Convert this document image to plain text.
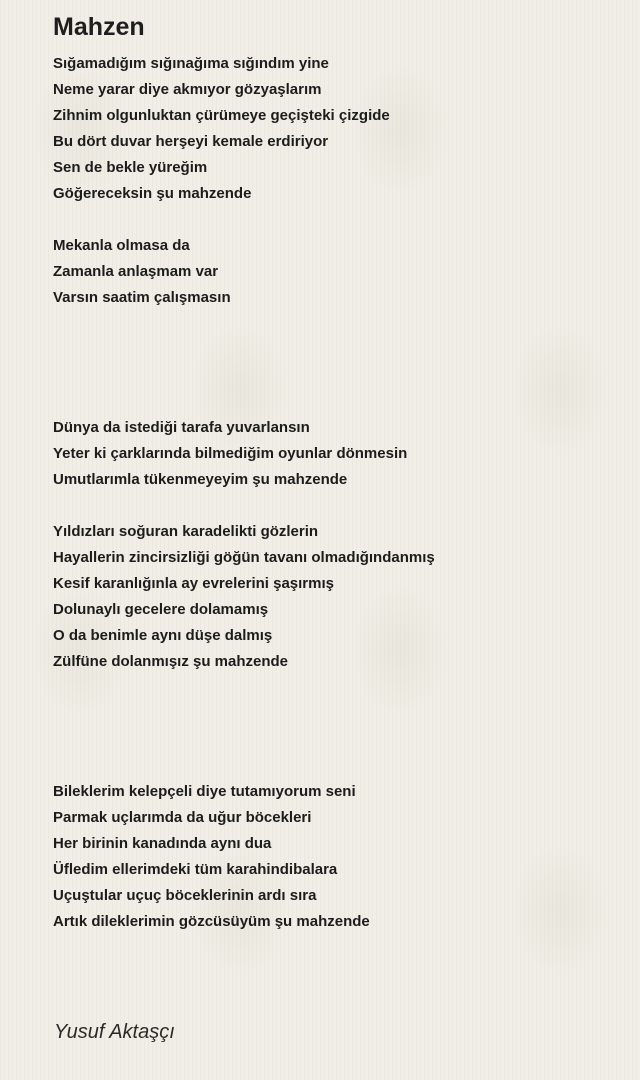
Mahzen
Sığamadığım sığınağıma sığındım yine
Neme yarar diye akmıyor gözyaşlarım
Zihnim olgunluktan çürümeye geçişteki çizgide
Bu dört duvar herşeyi kemale erdiriyor
Sen de bekle yüreğim
Göğereceksin şu mahzende
Mekanla olmasa da
Zamanla anlaşmam var
Varsın saatim çalışmasın
Dünya da istediği tarafa yuvarlansın
Yeter ki çarklarında bilmediğim oyunlar dönmesin
Umutlarımla tükenmeyeyim şu mahzende
Yıldızları soğuran karadelikti gözlerin
Hayallerin zincirsizliği göğün tavanı olmadığındanmış
Kesif karanlığınla ay evrelerini şaşırmış
Dolunaylı gecelere dolamamış
O da benimle aynı düşe dalmış
Zülfüne dolanmışız şu mahzende
Bileklerim kelepçeli diye tutamıyorum seni
Parmak uçlarımda da uğur böcekleri
Her birinin kanadında aynı dua
Üfledim ellerimdeki tüm karahindibalara
Uçuştular uçuç böceklerinin ardı sıra
Artık dileklerimin gözcüsüyüm şu mahzende
Yusuf Aktaşçı
